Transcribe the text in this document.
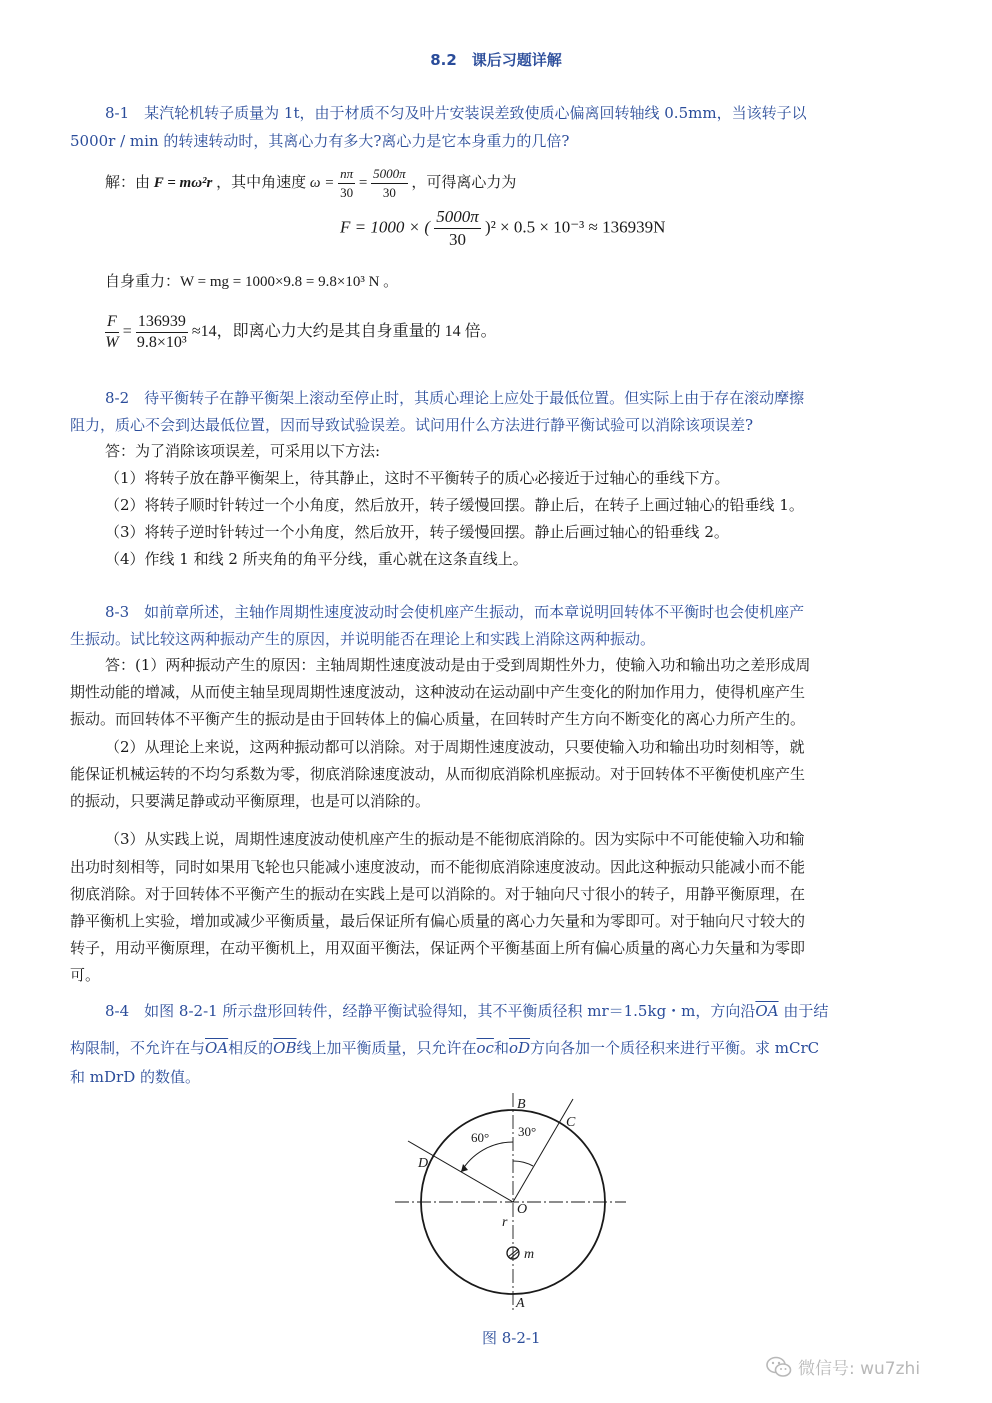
8.2　课后习题详解
8-1　某汽轮机转子质量为 1t，由于材质不匀及叶片安装误差致使质心偏离回转轴线 0.5mm，当该转子以
5000r / min 的转速转动时，其离心力有多大?离心力是它本身重力的几倍?
解：由 F = mω²r ，其中角速度 $\omega = \frac{n\pi}{30} = \frac{5000\pi}{30}$ ，可得离心力为
F = 1000 × ( $\frac{5000\pi}{30} )^2 \times 0.5 \times 10^{-3} \approx 136939N$
自身重力：W = mg = 1000×9.8 = 9.8×10³ N 。
$\frac{F}{W} = \frac{136939}{\text{9.8×10³}} \approx 14$，即离心力大约是其自身重量的 14 倍。
8-2　待平衡转子在静平衡架上滚动至停止时，其质心理论上应处于最低位置。但实际上由于存在滚动摩擦
阻力，质心不会到达最低位置，因而导致试验误差。试问用什么方法进行静平衡试验可以消除该项误差?
答：为了消除该项误差，可采用以下方法:
（1）将转子放在静平衡架上，待其静止，这时不平衡转子的质心必接近于过轴心的垂线下方。
（2）将转子顺时针转过一个小角度，然后放开，转子缓慢回摆。静止后，在转子上画过轴心的铅垂线 1。
（3）将转子逆时针转过一个小角度，然后放开，转子缓慢回摆。静止后画过轴心的铅垂线 2。
（4）作线 1 和线 2 所夹角的角平分线，重心就在这条直线上。
8-3　如前章所述，主轴作周期性速度波动时会使机座产生振动，而本章说明回转体不平衡时也会使机座产
生振动。试比较这两种振动产生的原因，并说明能否在理论上和实践上消除这两种振动。
答：(1）两种振动产生的原因：主轴周期性速度波动是由于受到周期性外力，使输入功和输出功之差形成周
期性动能的增减，从而使主轴呈现周期性速度波动，这种波动在运动副中产生变化的附加作用力，使得机座产生
振动。而回转体不平衡产生的振动是由于回转体上的偏心质量，在回转时产生方向不断变化的离心力所产生的。
（2）从理论上来说，这两种振动都可以消除。对于周期性速度波动，只要使输入功和输出功时刻相等，就
能保证机械运转的不均匀系数为零，彻底消除速度波动，从而彻底消除机座振动。对于回转体不平衡使机座产生
的振动，只要满足静或动平衡原理，也是可以消除的。
（3）从实践上说，周期性速度波动使机座产生的振动是不能彻底消除的。因为实际中不可能使输入功和输
出功时刻相等，同时如果用飞轮也只能减小速度波动，而不能彻底消除速度波动。因此这种振动只能减小而不能
彻底消除。对于回转体不平衡产生的振动在实践上是可以消除的。对于轴向尺寸很小的转子，用静平衡原理，在
静平衡机上实验，增加或减少平衡质量，最后保证所有偏心质量的离心力矢量和为零即可。对于轴向尺寸较大的
转子，用动平衡原理，在动平衡机上，用双面平衡法，保证两个平衡基面上所有偏心质量的离心力矢量和为零即
可。
8-4　如图 8-2-1 所示盘形回转件，经静平衡试验得知，其不平衡质径积 mr＝1.5kg・m，方向沿$\overline{OA}$ 由于结
构限制，不允许在与$\overline{OA}$相反的$\overline{OB}$线上加平衡质量，只允许在$\overline{oc}$和$\overline{oD}$方向各加一个质径积来进行平衡。求 mCrC
和 mDrD 的数值。
B
C
D
O
r
m
A
60° 30°
图 8-2-1
微信号: wu7zhi
